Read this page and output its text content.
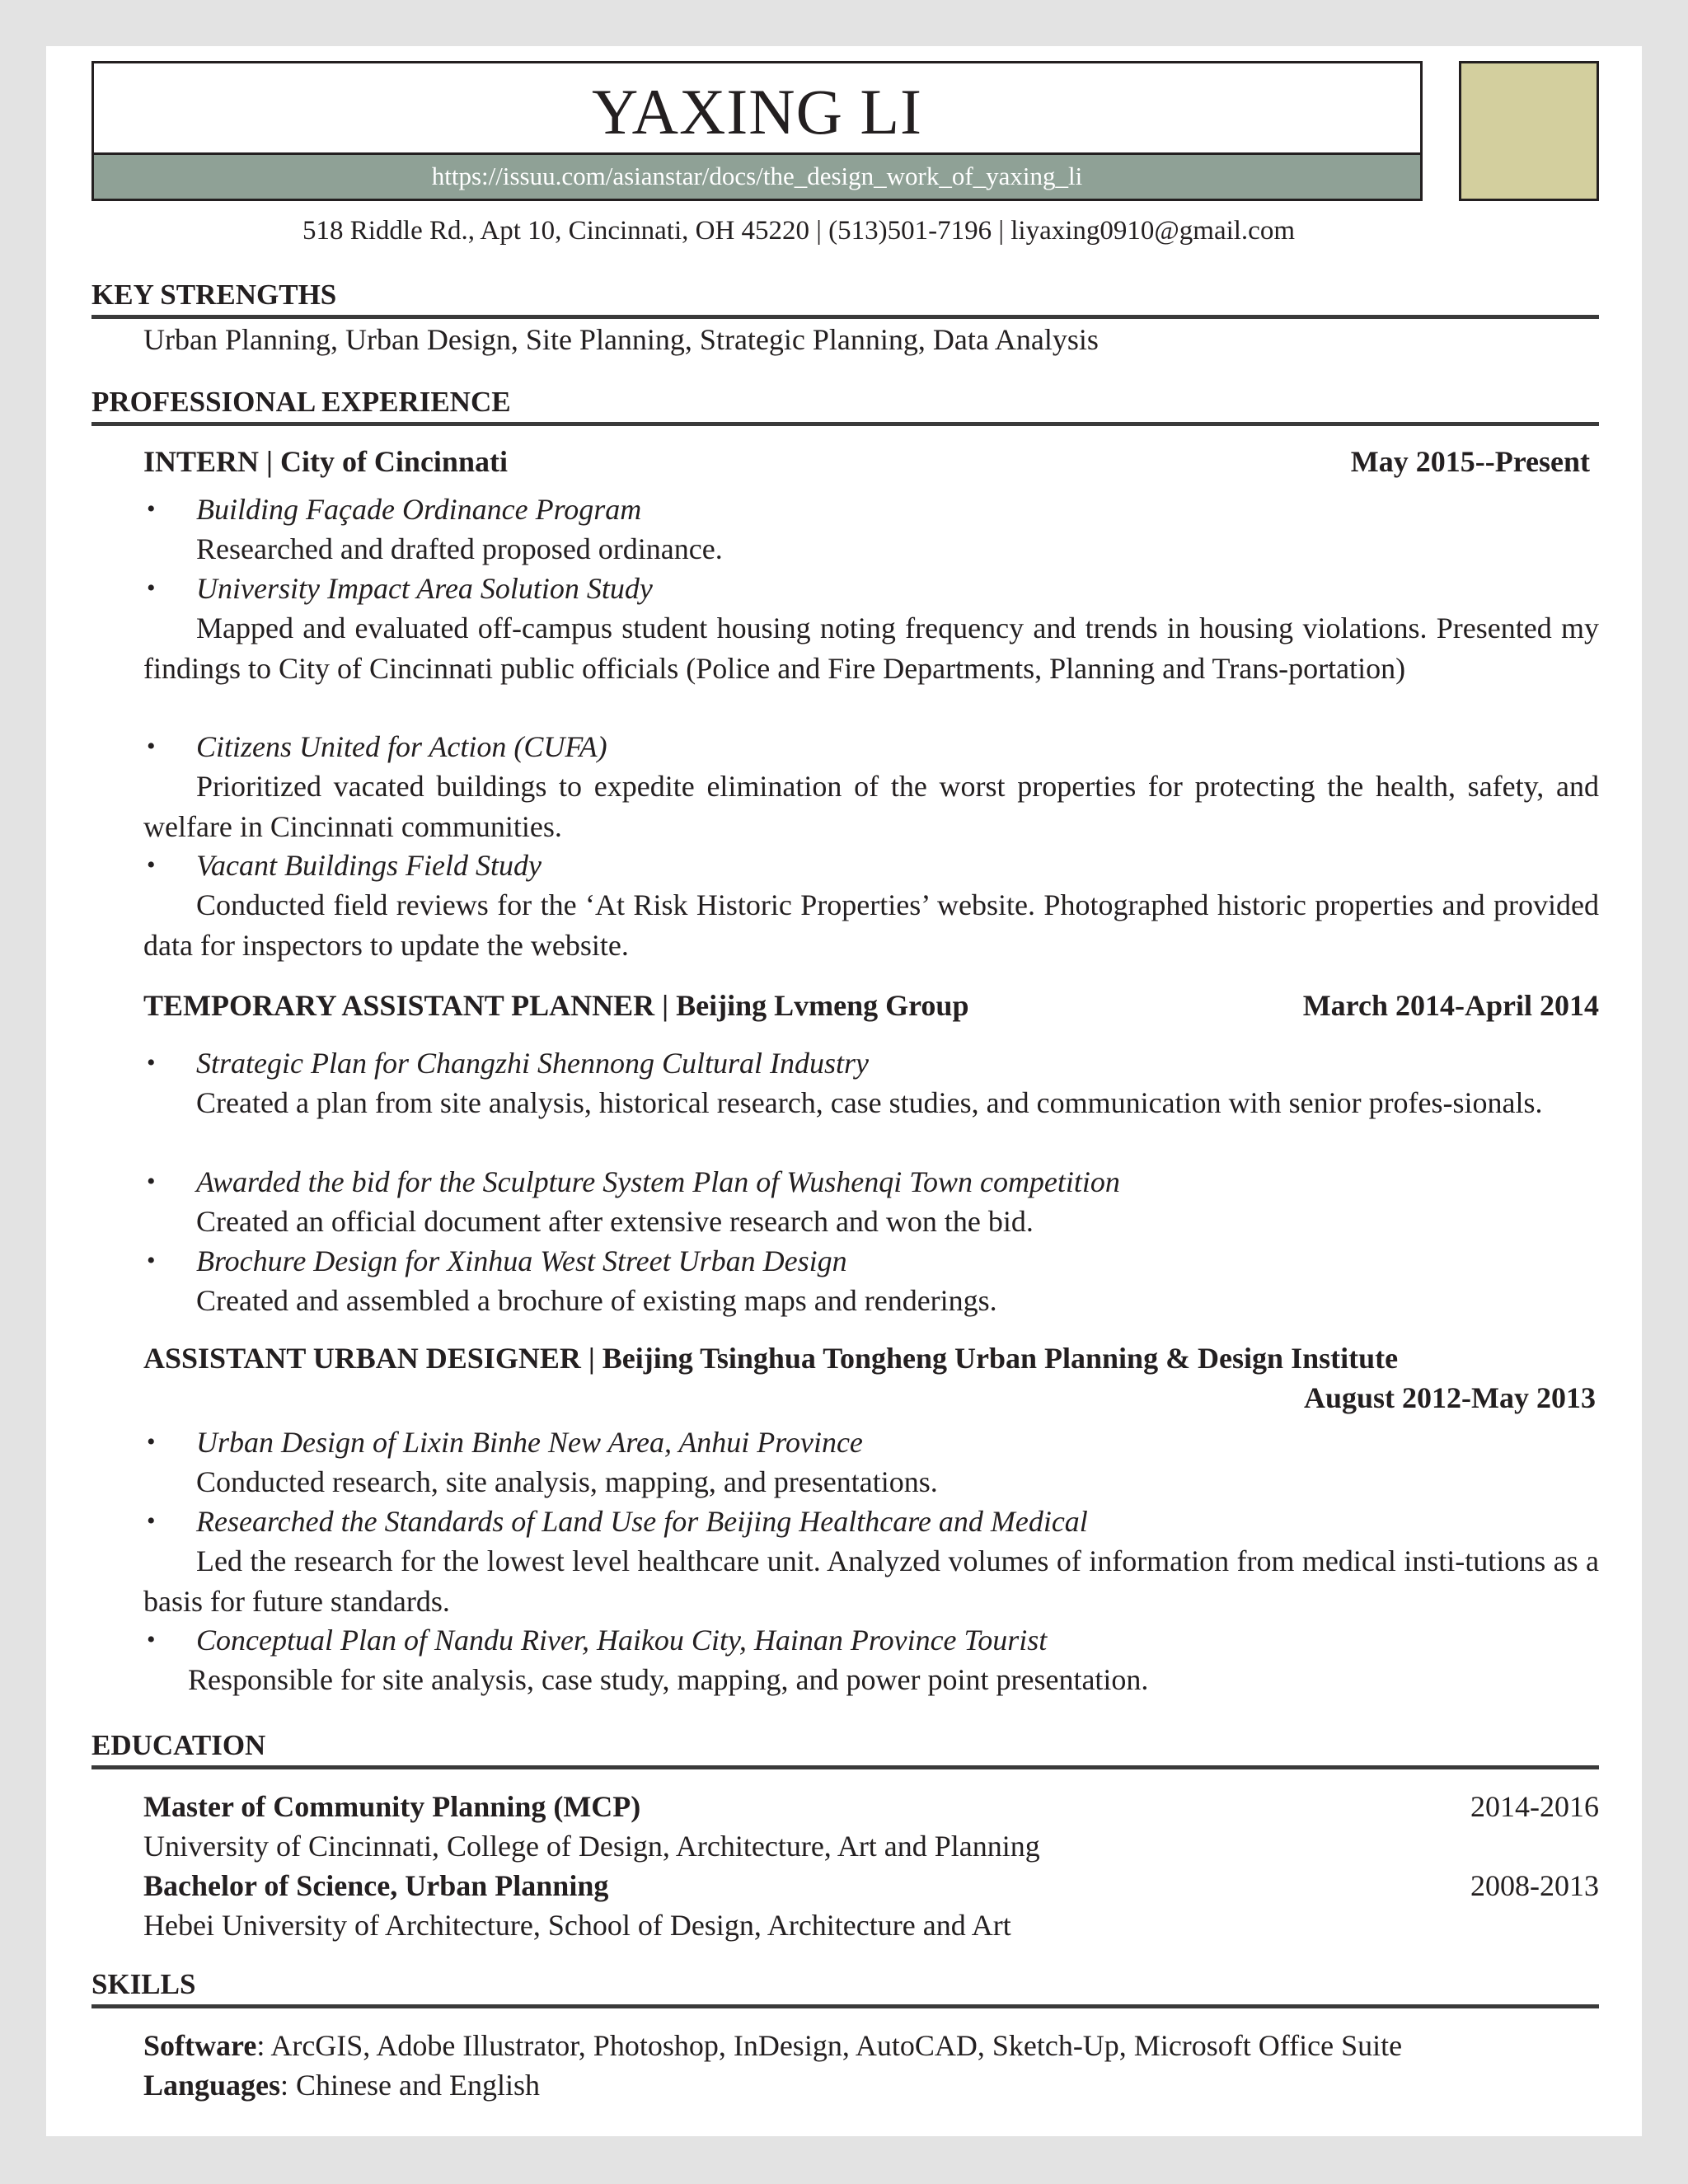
YAXING LI
https://issuu.com/asianstar/docs/the_design_work_of_yaxing_li
518 Riddle Rd., Apt 10, Cincinnati, OH 45220 | (513)501-7196 | liyaxing0910@gmail.com
KEY STRENGTHS
Urban Planning, Urban Design, Site Planning, Strategic Planning, Data Analysis
PROFESSIONAL EXPERIENCE
INTERN | City of Cincinnati	May 2015--Present
• Building Façade Ordinance Program
Researched and drafted proposed ordinance.
• University Impact Area Solution Study
Mapped and evaluated off-campus student housing noting frequency and trends in housing violations. Presented my findings to City of Cincinnati public officials (Police and Fire Departments, Planning and Trans-portation)
• Citizens United for Action (CUFA)
Prioritized vacated buildings to expedite elimination of the worst properties for protecting the health, safety, and welfare in Cincinnati communities.
• Vacant Buildings Field Study
Conducted field reviews for the ‘At Risk Historic Properties’ website. Photographed historic properties and provided data for inspectors to update the website.
TEMPORARY ASSISTANT PLANNER | Beijing Lvmeng Group	March 2014-April 2014
• Strategic Plan for Changzhi Shennong Cultural Industry
Created a plan from site analysis, historical research, case studies, and communication with senior profes-sionals.
• Awarded the bid for the Sculpture System Plan of Wushenqi Town competition
Created an official document after extensive research and won the bid.
• Brochure Design for Xinhua West Street Urban Design
Created and assembled a brochure of existing maps and renderings.
ASSISTANT URBAN DESIGNER | Beijing Tsinghua Tongheng Urban Planning & Design Institute
August 2012-May 2013
• Urban Design of Lixin Binhe New Area, Anhui Province
Conducted research, site analysis, mapping, and presentations.
• Researched the Standards of Land Use for Beijing Healthcare and Medical
Led the research for the lowest level healthcare unit. Analyzed volumes of information from medical insti-tutions as a basis for future standards.
• Conceptual Plan of Nandu River, Haikou City, Hainan Province Tourist
Responsible for site analysis, case study, mapping, and power point presentation.
EDUCATION
Master of Community Planning (MCP)	2014-2016
University of Cincinnati, College of Design, Architecture, Art and Planning
Bachelor of Science, Urban Planning	2008-2013
Hebei University of Architecture, School of Design, Architecture and Art
SKILLS
Software: ArcGIS, Adobe Illustrator, Photoshop, InDesign, AutoCAD, Sketch-Up, Microsoft Office Suite
Languages: Chinese and English
